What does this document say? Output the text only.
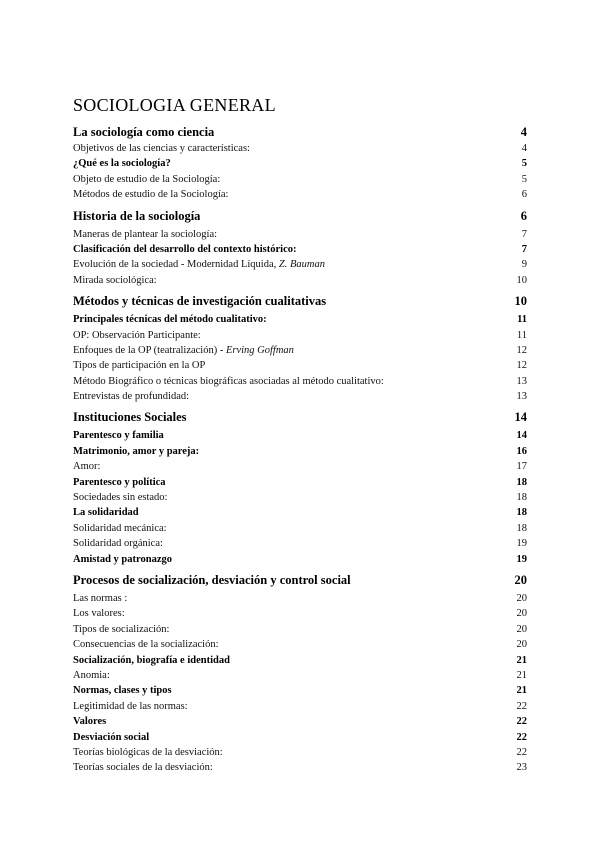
SOCIOLOGIA GENERAL
La sociología como ciencia	4
Objetivos de las ciencias y características:	4
¿Qué es la sociología?	5
Objeto de estudio de la Sociología:	5
Métodos de estudio de la Sociología:	6
Historia de la sociología	6
Maneras de plantear la sociología:	7
Clasificación del desarrollo del contexto histórico:	7
Evolución de la sociedad - Modernidad Líquida, Z. Bauman	9
Mirada sociológica:	10
Métodos y técnicas de investigación cualitativas	10
Principales técnicas del método cualitativo:	11
OP: Observación Participante:	11
Enfoques de la OP (teatralización) - Erving Goffman	12
Tipos de participación en la OP	12
Método Biográfico o técnicas biográficas asociadas al método cualitativo:	13
Entrevistas de profundidad:	13
Instituciones Sociales	14
Parentesco y familia	14
Matrimonio, amor y pareja:	16
Amor:	17
Parentesco y política	18
Sociedades sin estado:	18
La solidaridad	18
Solidaridad mecánica:	18
Solidaridad orgánica:	19
Amistad y patronazgo	19
Procesos de socialización, desviación y control social	20
Las normas :	20
Los valores:	20
Tipos de socialización:	20
Consecuencias de la socialización:	20
Socialización, biografía e identidad	21
Anomia:	21
Normas, clases y tipos	21
Legitimidad de las normas:	22
Valores	22
Desviación social	22
Teorías biológicas de la desviación:	22
Teorías sociales de la desviación:	23
